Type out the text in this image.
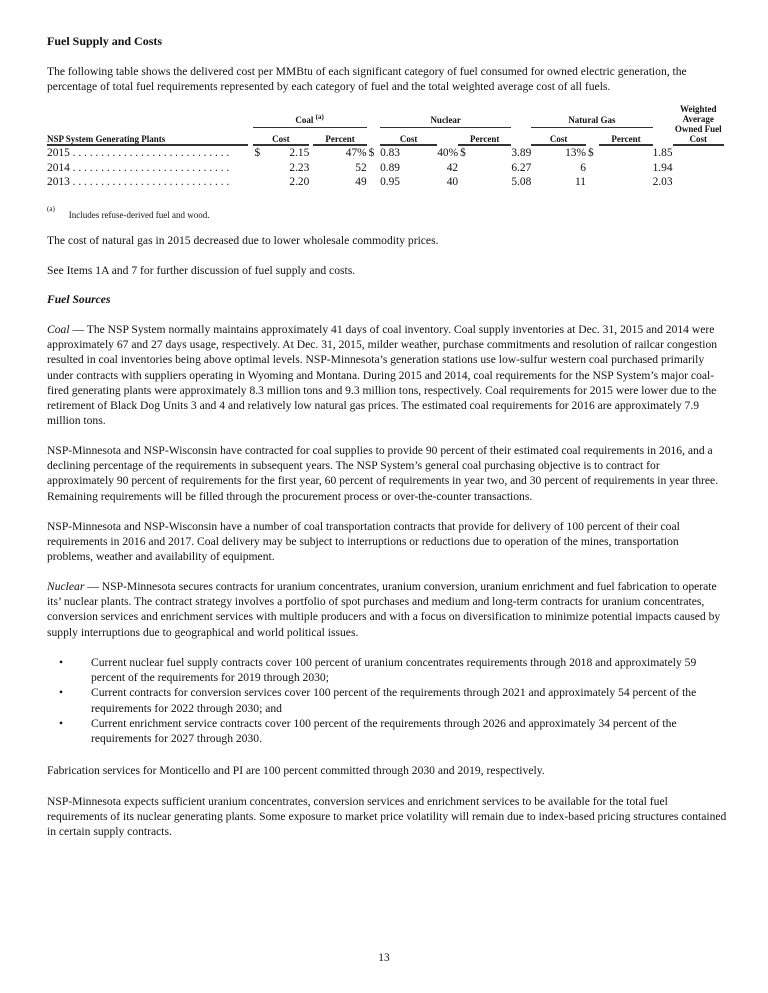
Fuel Supply and Costs
The following table shows the delivered cost per MMBtu of each significant category of fuel consumed for owned electric generation, the percentage of total fuel requirements represented by each category of fuel and the total weighted average cost of all fuels.
		Coal $^{(a)}$					Nuclear					Natural Gas					Weighted
Average
Owned Fuel
Cost

NSP System Generating Plants		Cost			Percent		Cost			Percent		Cost			Percent		
2015 . . . . . . . . . . . . . . . . . . . . . . . . . . . .		$	2.15		47%	$	0.83		40%	$	3.89		13%	$		1.85	
2014 . . . . . . . . . . . . . . . . . . . . . . . . . . . .			2.23		52		0.89		42		6.27		6			1.94	
2013 . . . . . . . . . . . . . . . . . . . . . . . . . . . .			2.20		49		0.95		40		5.08		11			2.03	
$^{(a)}$Includes refuse-derived fuel and wood.
The cost of natural gas in 2015 decreased due to lower wholesale commodity prices.
See Items 1A and 7 for further discussion of fuel supply and costs.
Fuel Sources
Coal — The NSP System normally maintains approximately 41 days of coal inventory. Coal supply inventories at Dec. 31, 2015 and 2014 were approximately 67 and 27 days usage, respectively. At Dec. 31, 2015, milder weather, purchase commitments and resolution of railcar congestion resulted in coal inventories being above optimal levels. NSP-Minnesota’s generation stations use low-sulfur western coal purchased primarily under contracts with suppliers operating in Wyoming and Montana. During 2015 and 2014, coal requirements for the NSP System’s major coal-fired generating plants were approximately 8.3 million tons and 9.3 million tons, respectively. Coal requirements for 2015 were lower due to the retirement of Black Dog Units 3 and 4 and relatively low natural gas prices. The estimated coal requirements for 2016 are approximately 7.9 million tons.
NSP-Minnesota and NSP-Wisconsin have contracted for coal supplies to provide 90 percent of their estimated coal requirements in 2016, and a declining percentage of the requirements in subsequent years. The NSP System’s general coal purchasing objective is to contract for approximately 90 percent of requirements for the first year, 60 percent of requirements in year two, and 30 percent of requirements in year three. Remaining requirements will be filled through the procurement process or over-the-counter transactions.
NSP-Minnesota and NSP-Wisconsin have a number of coal transportation contracts that provide for delivery of 100 percent of their coal requirements in 2016 and 2017. Coal delivery may be subject to interruptions or reductions due to operation of the mines, transportation problems, weather and availability of equipment.
Nuclear — NSP-Minnesota secures contracts for uranium concentrates, uranium conversion, uranium enrichment and fuel fabrication to operate its’ nuclear plants. The contract strategy involves a portfolio of spot purchases and medium and long-term contracts for uranium concentrates, conversion services and enrichment services with multiple producers and with a focus on diversification to minimize potential impacts caused by supply interruptions due to geographical and world political issues.
• Current nuclear fuel supply contracts cover 100 percent of uranium concentrates requirements through 2018 and approximately 59 percent of the requirements for 2019 through 2030;
• Current contracts for conversion services cover 100 percent of the requirements through 2021 and approximately 54 percent of the requirements for 2022 through 2030; and
• Current enrichment service contracts cover 100 percent of the requirements through 2026 and approximately 34 percent of the requirements for 2027 through 2030.
Fabrication services for Monticello and PI are 100 percent committed through 2030 and 2019, respectively.
NSP-Minnesota expects sufficient uranium concentrates, conversion services and enrichment services to be available for the total fuel requirements of its nuclear generating plants. Some exposure to market price volatility will remain due to index-based pricing structures contained in certain supply contracts.
13
